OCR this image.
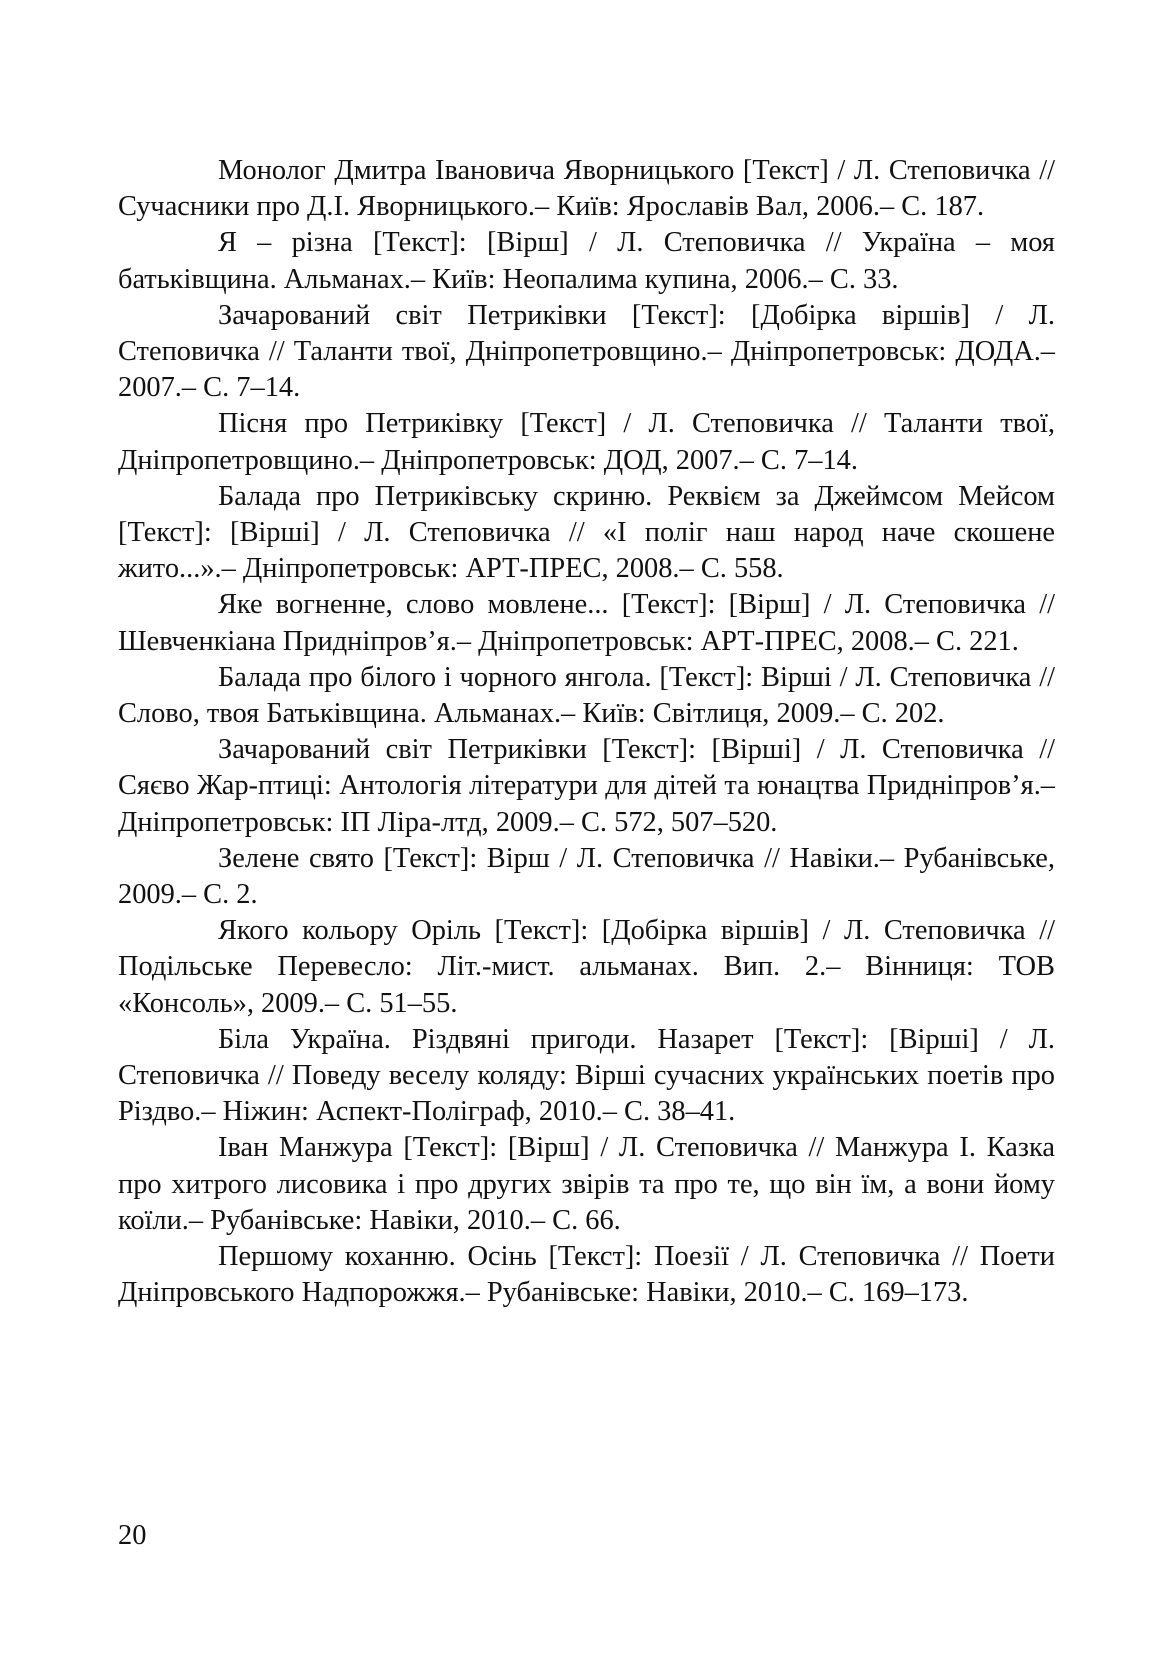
Монолог Дмитра Івановича Яворницького [Текст] / Л. Степовичка // Сучасники про Д.І. Яворницького.– Київ: Ярославів Вал, 2006.– С. 187.

Я – різна [Текст]: [Вірш] / Л. Степовичка // Україна – моя батьківщина. Альманах.– Київ: Неопалима купина, 2006.– С. 33.

Зачарований світ Петриківки [Текст]: [Добірка віршів] / Л. Степовичка // Таланти твої, Дніпропетровщино.– Дніпропетровськ: ДОДА.– 2007.– С. 7–14.

Пісня про Петриківку [Текст] / Л. Степовичка // Таланти твої, Дніпропетровщино.– Дніпропетровськ: ДОД, 2007.– С. 7–14.

Балада про Петриківську скриню. Реквієм за Джеймсом Мейсом [Текст]: [Вірші] / Л. Степовичка // «І поліг наш народ наче скошене жито...».– Дніпропетровськ: АРТ-ПРЕС, 2008.– С. 558.

Яке вогненне, слово мовлене... [Текст]: [Вірш] / Л. Степовичка // Шевченкіана Придніпров’я.– Дніпропетровськ: АРТ-ПРЕС, 2008.– С. 221.

Балада про білого і чорного янгола. [Текст]: Вірші / Л. Степовичка // Слово, твоя Батьківщина. Альманах.– Київ: Світлиця, 2009.– С. 202.

Зачарований світ Петриківки [Текст]: [Вірші] / Л. Степовичка // Сяєво Жар-птиці: Антологія літератури для дітей та юнацтва Придніпров’я.– Дніпропетровськ: ІП Ліра-лтд, 2009.– С. 572, 507–520.

Зелене свято [Текст]: Вірш / Л. Степовичка // Навіки.– Рубанівське, 2009.– С. 2.

Якого кольору Оріль [Текст]: [Добірка віршів] / Л. Степовичка // Подільське Перевесло: Літ.-мист. альманах. Вип. 2.– Вінниця: ТОВ «Консоль», 2009.– С. 51–55.

Біла Україна. Різдвяні пригоди. Назарет [Текст]: [Вірші] / Л. Степовичка // Поведу веселу коляду: Вірші сучасних українських поетів про Різдво.– Ніжин: Аспект-Поліграф, 2010.– С. 38–41.

Іван Манжура [Текст]: [Вірш] / Л. Степовичка // Манжура І. Казка про хитрого лисовика і про других звірів та про те, що він їм, а вони йому коїли.– Рубанівське: Навіки, 2010.– С. 66.

Першому коханню. Осінь [Текст]: Поезії / Л. Степовичка // Поети Дніпровського Надпорожжя.– Рубанівське: Навіки, 2010.– С. 169–173.

20
